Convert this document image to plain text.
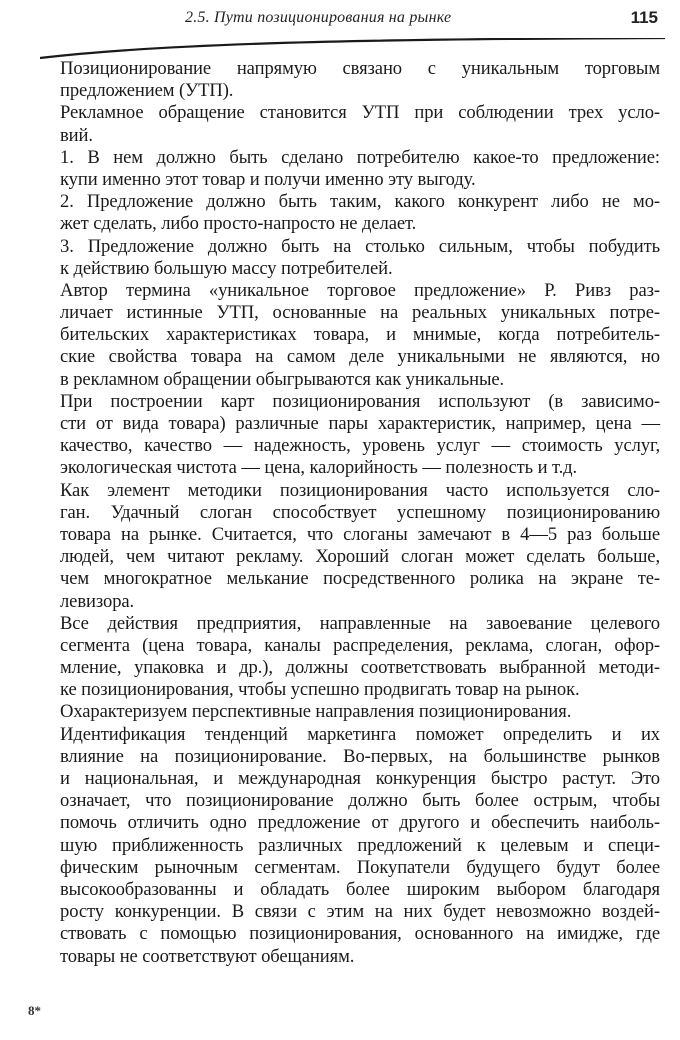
2.5. Пути позиционирования на рынке	115
Позиционирование напрямую связано с уникальным торговым
предложением (УТП).
Рекламное обращение становится УТП при соблюдении трех усло-
вий.
1. В нем должно быть сделано потребителю какое-то предложение:
купи именно этот товар и получи именно эту выгоду.
2. Предложение должно быть таким, какого конкурент либо не мо-
жет сделать, либо просто-напросто не делает.
3. Предложение должно быть на столько сильным, чтобы побудить
к действию большую массу потребителей.
Автор термина «уникальное торговое предложение» Р. Ривз раз-
личает истинные УТП, основанные на реальных уникальных потре-
бительских характеристиках товара, и мнимые, когда потребитель-
ские свойства товара на самом деле уникальными не являются, но
в рекламном обращении обыгрываются как уникальные.
При построении карт позиционирования используют (в зависимо-
сти от вида товара) различные пары характеристик, например, цена —
качество, качество — надежность, уровень услуг — стоимость услуг,
экологическая чистота — цена, калорийность — полезность и т.д.
Как элемент методики позиционирования часто используется сло-
ган. Удачный слоган способствует успешному позиционированию
товара на рынке. Считается, что слоганы замечают в 4—5 раз больше
людей, чем читают рекламу. Хороший слоган может сделать больше,
чем многократное мелькание посредственного ролика на экране те-
левизора.
Все действия предприятия, направленные на завоевание целевого
сегмента (цена товара, каналы распределения, реклама, слоган, офор-
мление, упаковка и др.), должны соответствовать выбранной методи-
ке позиционирования, чтобы успешно продвигать товар на рынок.
Охарактеризуем перспективные направления позиционирования.
Идентификация тенденций маркетинга поможет определить и их
влияние на позиционирование. Во-первых, на большинстве рынков
и национальная, и международная конкуренция быстро растут. Это
означает, что позиционирование должно быть более острым, чтобы
помочь отличить одно предложение от другого и обеспечить наиболь-
шую приближенность различных предложений к целевым и специ-
фическим рыночным сегментам. Покупатели будущего будут более
высокообразованны и обладать более широким выбором благодаря
росту конкуренции. В связи с этим на них будет невозможно воздей-
ствовать с помощью позиционирования, основанного на имидже, где
товары не соответствуют обещаниям.
8*
